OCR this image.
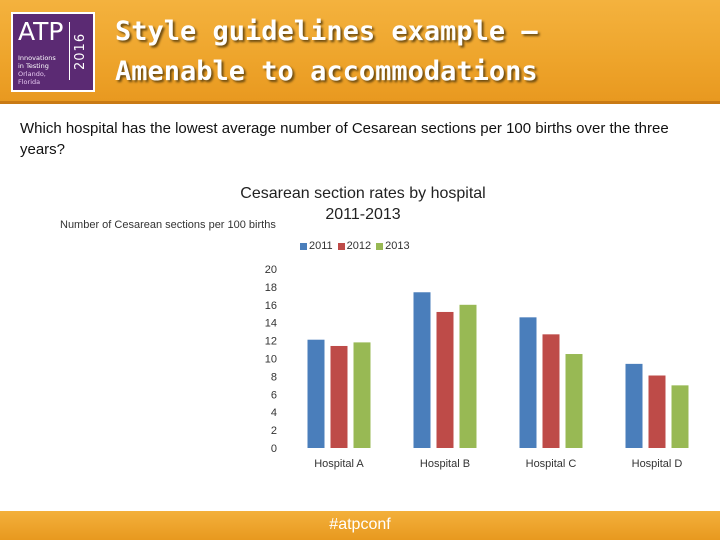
ATP
2016
Innovations
in Testing
Orlando, Florida
Style guidelines example –
Amenable to accommodations
Which hospital has the lowest average number of Cesarean sections per 100 births over the three years?
Cesarean section rates by hospital
2011-2013
Number of Cesarean sections per 100 births
2011 2012 2013
20
18
16
14
12
10
8
6
4
2
0
Hospital A	Hospital B	Hospital C	Hospital D
#atpconf
